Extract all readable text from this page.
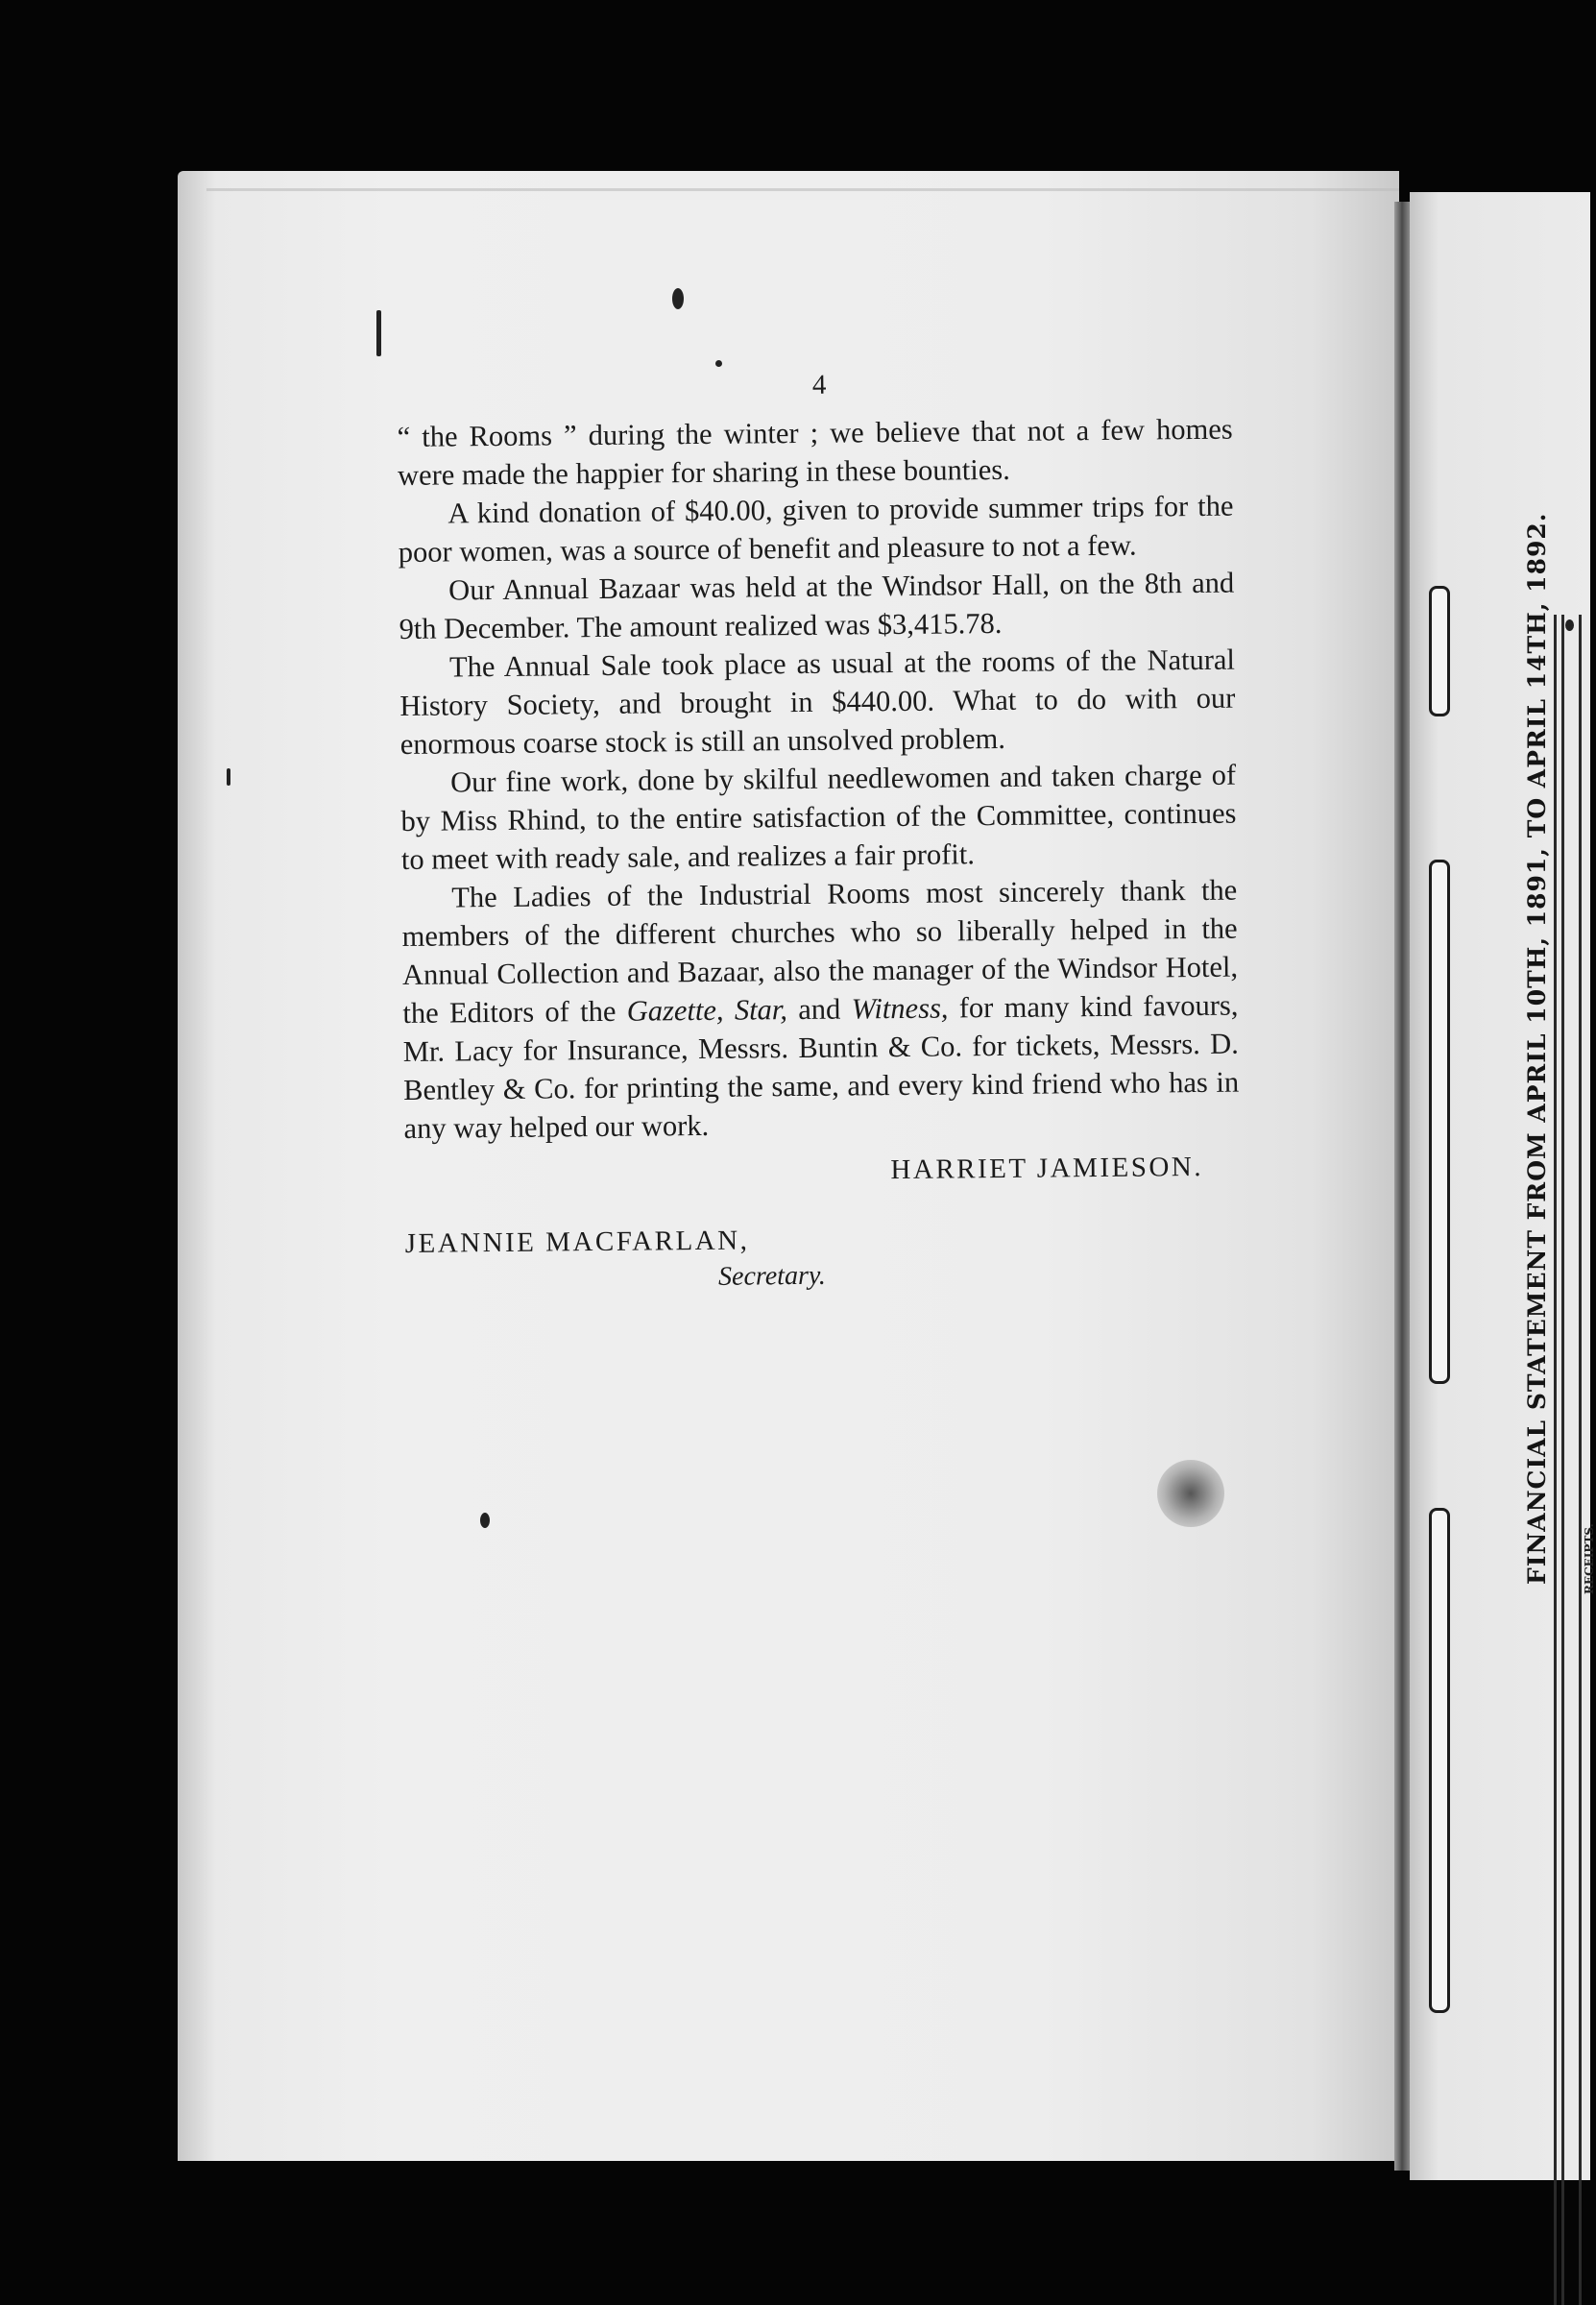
FINANCIAL STATEMENT FROM APRIL 10TH, 1891, TO APRIL 14TH, 1892.	RECEIPTS.
4

“ the Rooms ” during the winter ; we believe that not a few homes were made the happier for sharing in these bounties.

A kind donation of $40.00, given to provide summer trips for the poor women, was a source of benefit and pleasure to not a few.

Our Annual Bazaar was held at the Windsor Hall, on the 8th and 9th December. The amount realized was $3,415.78.

The Annual Sale took place as usual at the rooms of the Natural History Society, and brought in $440.00. What to do with our enormous coarse stock is still an unsolved problem.

Our fine work, done by skilful needlewomen and taken charge of by Miss Rhind, to the entire satisfaction of the Committee, continues to meet with ready sale, and realizes a fair profit.

The Ladies of the Industrial Rooms most sincerely thank the members of the different churches who so liberally helped in the Annual Collection and Bazaar, also the manager of the Windsor Hotel, the Editors of the Gazette, Star, and Witness, for many kind favours, Mr. Lacy for Insurance, Messrs. Buntin & Co. for tickets, Messrs. D. Bentley & Co. for printing the same, and every kind friend who has in any way helped our work.

HARRIET JAMIESON.
JEANNIE MACFARLAN,
Secretary.
